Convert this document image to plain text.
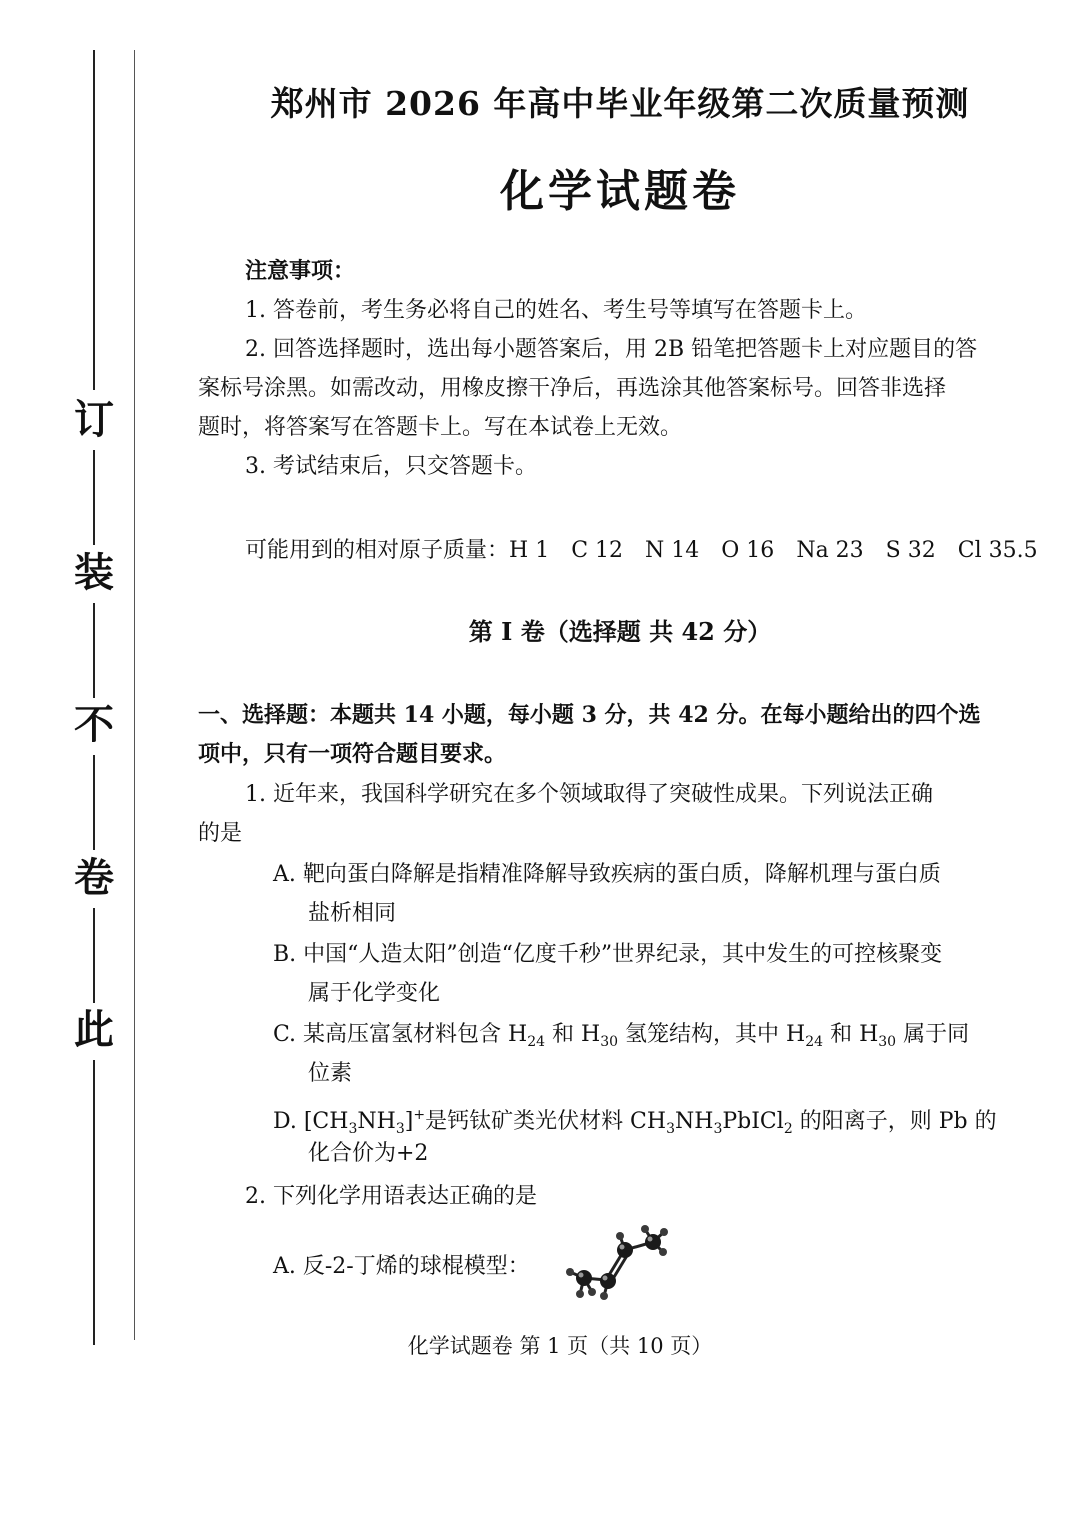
订
装
不
卷
此
郑州市 2026 年高中毕业年级第二次质量预测
化学试题卷
注意事项：
1. 答卷前，考生务必将自己的姓名、考生号等填写在答题卡上。
2. 回答选择题时，选出每小题答案后，用 2B 铅笔把答题卡上对应题目的答
案标号涂黑。如需改动，用橡皮擦干净后，再选涂其他答案标号。回答非选择
题时，将答案写在答题卡上。写在本试卷上无效。
3. 考试结束后，只交答题卡。
可能用到的相对原子质量：H 1 C 12 N 14 O 16 Na 23 S 32 Cl 35.5
第 I 卷（选择题 共 42 分）
一、选择题：本题共 14 小题，每小题 3 分，共 42 分。在每小题给出的四个选
项中，只有一项符合题目要求。
1. 近年来，我国科学研究在多个领域取得了突破性成果。下列说法正确
的是
A. 靶向蛋白降解是指精准降解导致疾病的蛋白质，降解机理与蛋白质
盐析相同
B. 中国“人造太阳”创造“亿度千秒”世界纪录，其中发生的可控核聚变
属于化学变化
C. 某高压富氢材料包含 $H_{24}$ 和 $H_{30}$ 氢笼结构，其中 $H_{24}$ 和 $H_{30}$ 属于同
位素
D. $[CH_3NH_3]^+$是钙钛矿类光伏材料 $CH_3NH_3PbICl_2$ 的阳离子，则 Pb 的
化合价为+2
2. 下列化学用语表达正确的是
A. 反-2-丁烯的球棍模型：
化学试题卷 第 1 页（共 10 页）
